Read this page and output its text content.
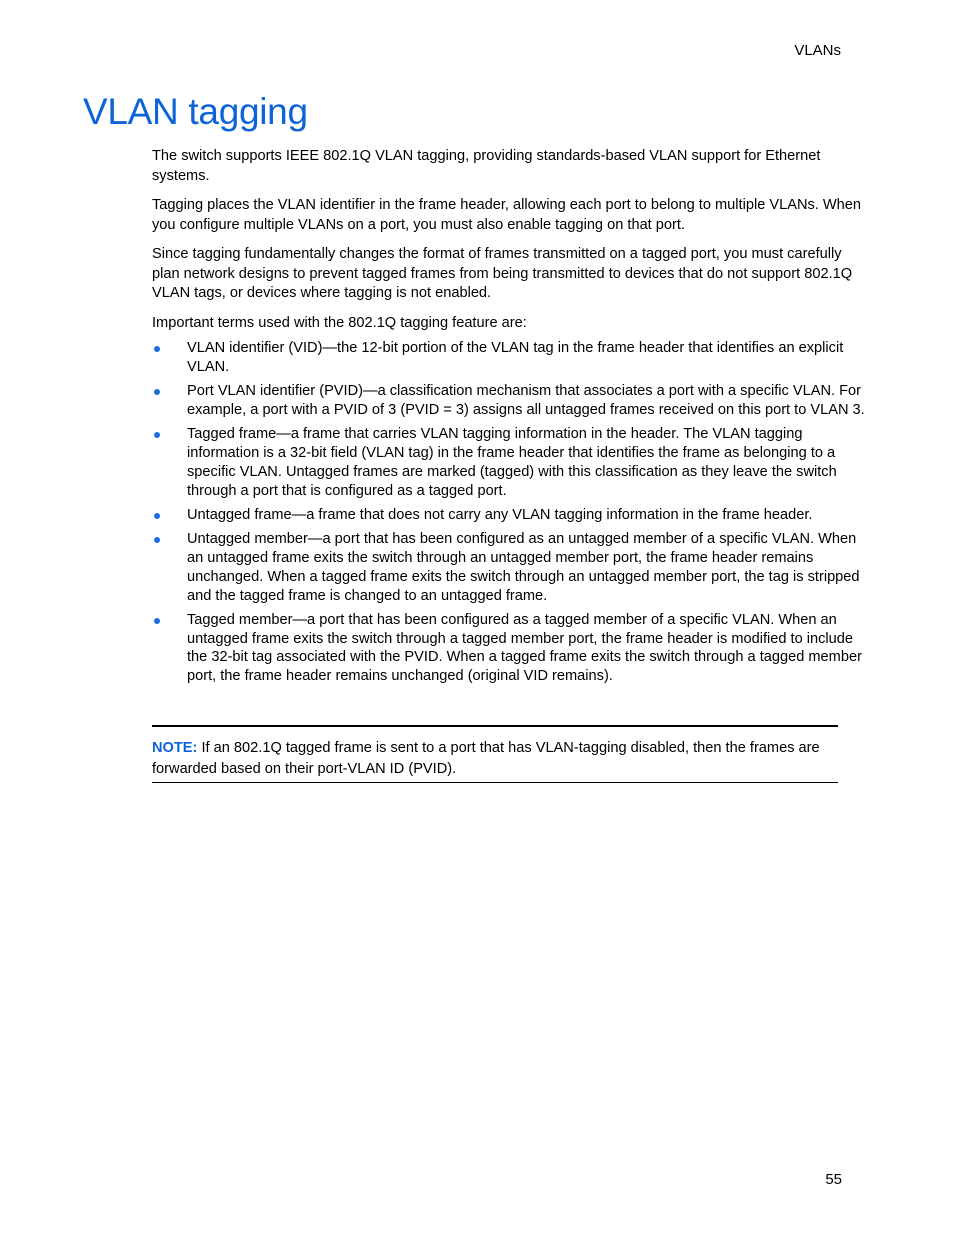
VLANs
VLAN tagging

The switch supports IEEE 802.1Q VLAN tagging, providing standards-based VLAN support for Ethernet systems.

Tagging places the VLAN identifier in the frame header, allowing each port to belong to multiple VLANs. When you configure multiple VLANs on a port, you must also enable tagging on that port.

Since tagging fundamentally changes the format of frames transmitted on a tagged port, you must carefully plan network designs to prevent tagged frames from being transmitted to devices that do not support 802.1Q VLAN tags, or devices where tagging is not enabled.

Important terms used with the 802.1Q tagging feature are:

VLAN identifier (VID)—the 12-bit portion of the VLAN tag in the frame header that identifies an explicit VLAN.
Port VLAN identifier (PVID)—a classification mechanism that associates a port with a specific VLAN. For example, a port with a PVID of 3 (PVID = 3) assigns all untagged frames received on this port to VLAN 3.
Tagged frame—a frame that carries VLAN tagging information in the header. The VLAN tagging information is a 32-bit field (VLAN tag) in the frame header that identifies the frame as belonging to a specific VLAN. Untagged frames are marked (tagged) with this classification as they leave the switch through a port that is configured as a tagged port.
Untagged frame—a frame that does not carry any VLAN tagging information in the frame header.
Untagged member—a port that has been configured as an untagged member of a specific VLAN. When an untagged frame exits the switch through an untagged member port, the frame header remains unchanged. When a tagged frame exits the switch through an untagged member port, the tag is stripped and the tagged frame is changed to an untagged frame.
Tagged member—a port that has been configured as a tagged member of a specific VLAN. When an untagged frame exits the switch through a tagged member port, the frame header is modified to include the 32-bit tag associated with the PVID. When a tagged frame exits the switch through a tagged member port, the frame header remains unchanged (original VID remains).
NOTE: If an 802.1Q tagged frame is sent to a port that has VLAN-tagging disabled, then the frames are forwarded based on their port-VLAN ID (PVID).
55
